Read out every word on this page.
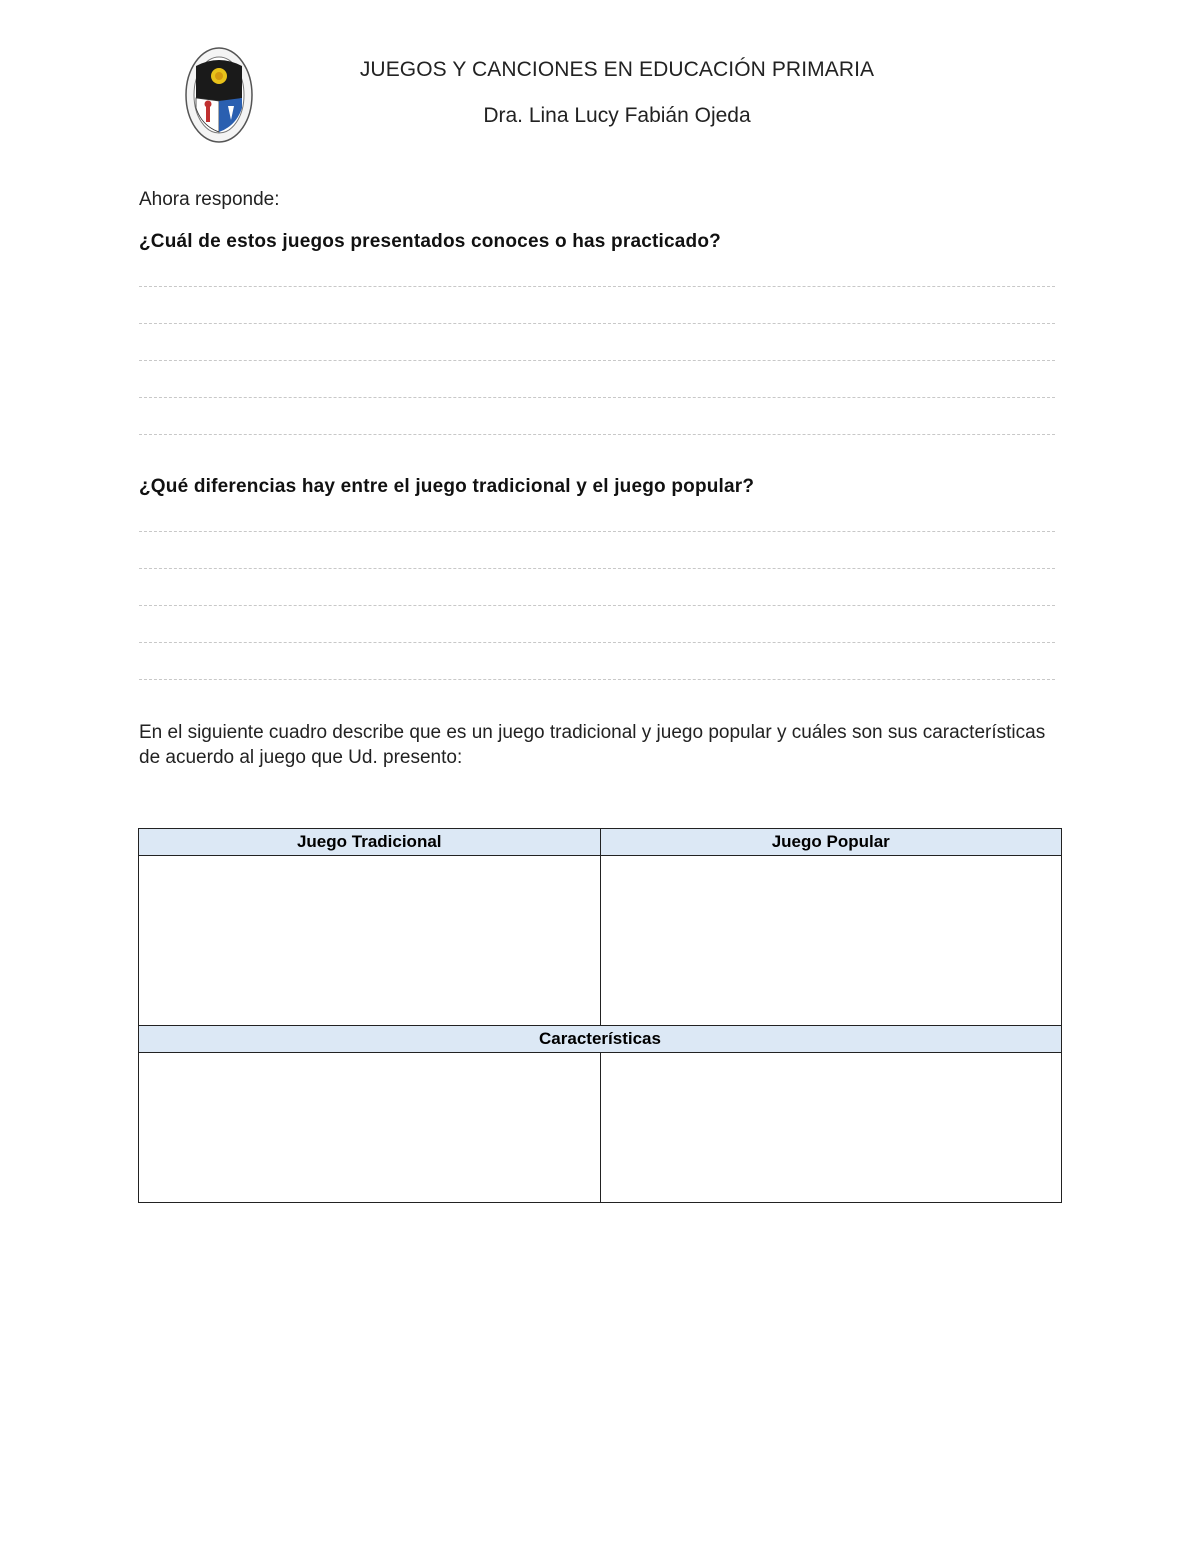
JUEGOS Y CANCIONES EN EDUCACIÓN PRIMARIA
Dra. Lina Lucy Fabián Ojeda
Ahora responde:
¿Cuál de estos juegos presentados conoces o has practicado?
¿Qué diferencias hay entre el juego tradicional y el juego popular?
En el siguiente cuadro describe que es un juego tradicional y juego popular y cuáles son sus características de acuerdo al juego que Ud. presento:
Juego Tradicional	Juego Popular

Características	
